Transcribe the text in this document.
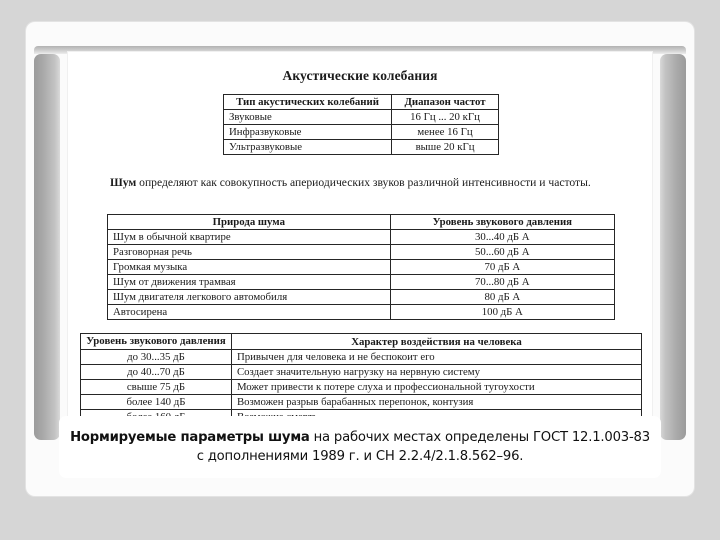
Акустические колебания
Тип акустических колебаний	Диапазон частот
Звуковые	16 Гц ... 20 кГц
Инфразвуковые	менее 16 Гц
Ультразвуковые	выше 20 кГц
Шум определяют как совокупность апериодических звуков различной интенсивности и частоты.
Природа шума	Уровень звукового давления
Шум в обычной квартире	30...40 дБ А
Разговорная речь	50...60 дБ А
Громкая музыка	70 дБ А
Шум от движения трамвая	70...80 дБ А
Шум двигателя легкового автомобиля	80 дБ А
Автосирена	100 дБ А
Уровень звукового давления	Характер воздействия на человека
до 30...35 дБ	Привычен для человека и не беспокоит его
до 40...70 дБ	Создает значительную нагрузку на нервную систему
свыше 75 дБ	Может привести к потере слуха и профессиональной тугоухости
более 140 дБ	Возможен разрыв барабанных перепонок, контузия

Нормируемые параметры шума на рабочих местах определены ГОСТ 12.1.003-83 с дополнениями 1989 г. и СН 2.2.4/2.1.8.562–96.
